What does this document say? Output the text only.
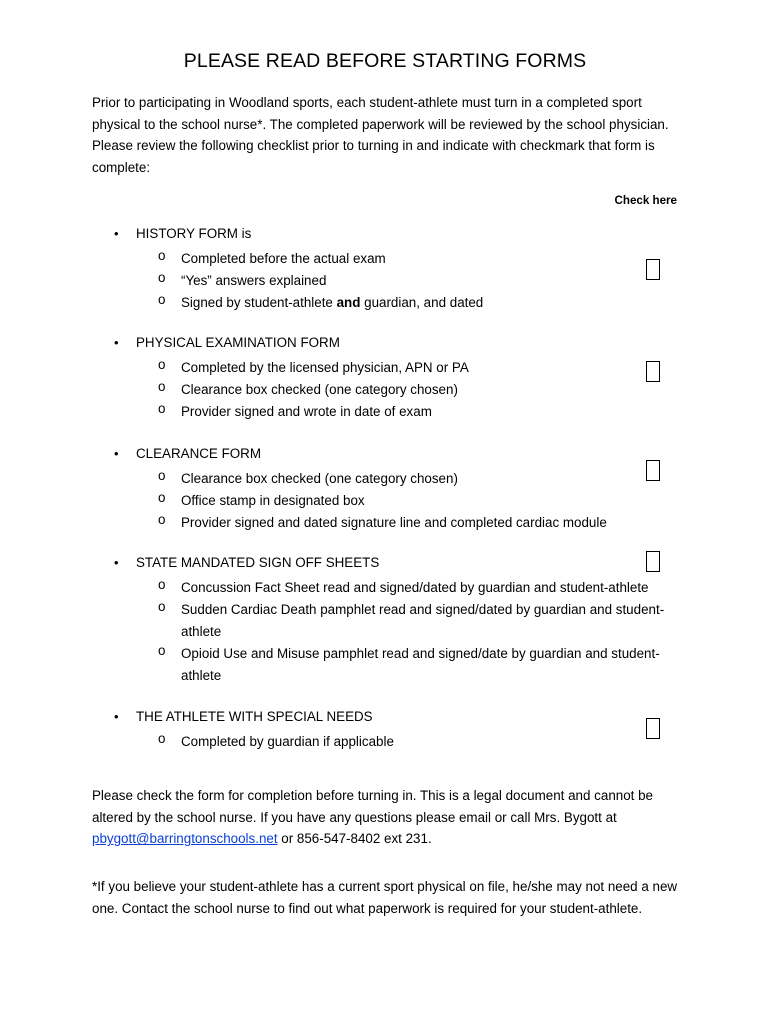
PLEASE READ BEFORE STARTING FORMS
Prior to participating in Woodland sports, each student-athlete must turn in a completed sport physical to the school nurse*. The completed paperwork will be reviewed by the school physician. Please review the following checklist prior to turning in and indicate with checkmark that form is complete:
Check here
• HISTORY FORM is
o Completed before the actual exam
o “Yes” answers explained
o Signed by student-athlete and guardian, and dated
• PHYSICAL EXAMINATION FORM
o Completed by the licensed physician, APN or PA
o Clearance box checked (one category chosen)
o Provider signed and wrote in date of exam
• CLEARANCE FORM
o Clearance box checked (one category chosen)
o Office stamp in designated box
o Provider signed and dated signature line and completed cardiac module
• STATE MANDATED SIGN OFF SHEETS
o Concussion Fact Sheet read and signed/dated by guardian and student-athlete
o Sudden Cardiac Death pamphlet read and signed/dated by guardian and student-athlete
o Opioid Use and Misuse pamphlet read and signed/date by guardian and student-athlete
• THE ATHLETE WITH SPECIAL NEEDS
o Completed by guardian if applicable
Please check the form for completion before turning in. This is a legal document and cannot be altered by the school nurse. If you have any questions please email or call Mrs. Bygott at pbygott@barringtonschools.net or 856-547-8402 ext 231.
*If you believe your student-athlete has a current sport physical on file, he/she may not need a new one. Contact the school nurse to find out what paperwork is required for your student-athlete.
